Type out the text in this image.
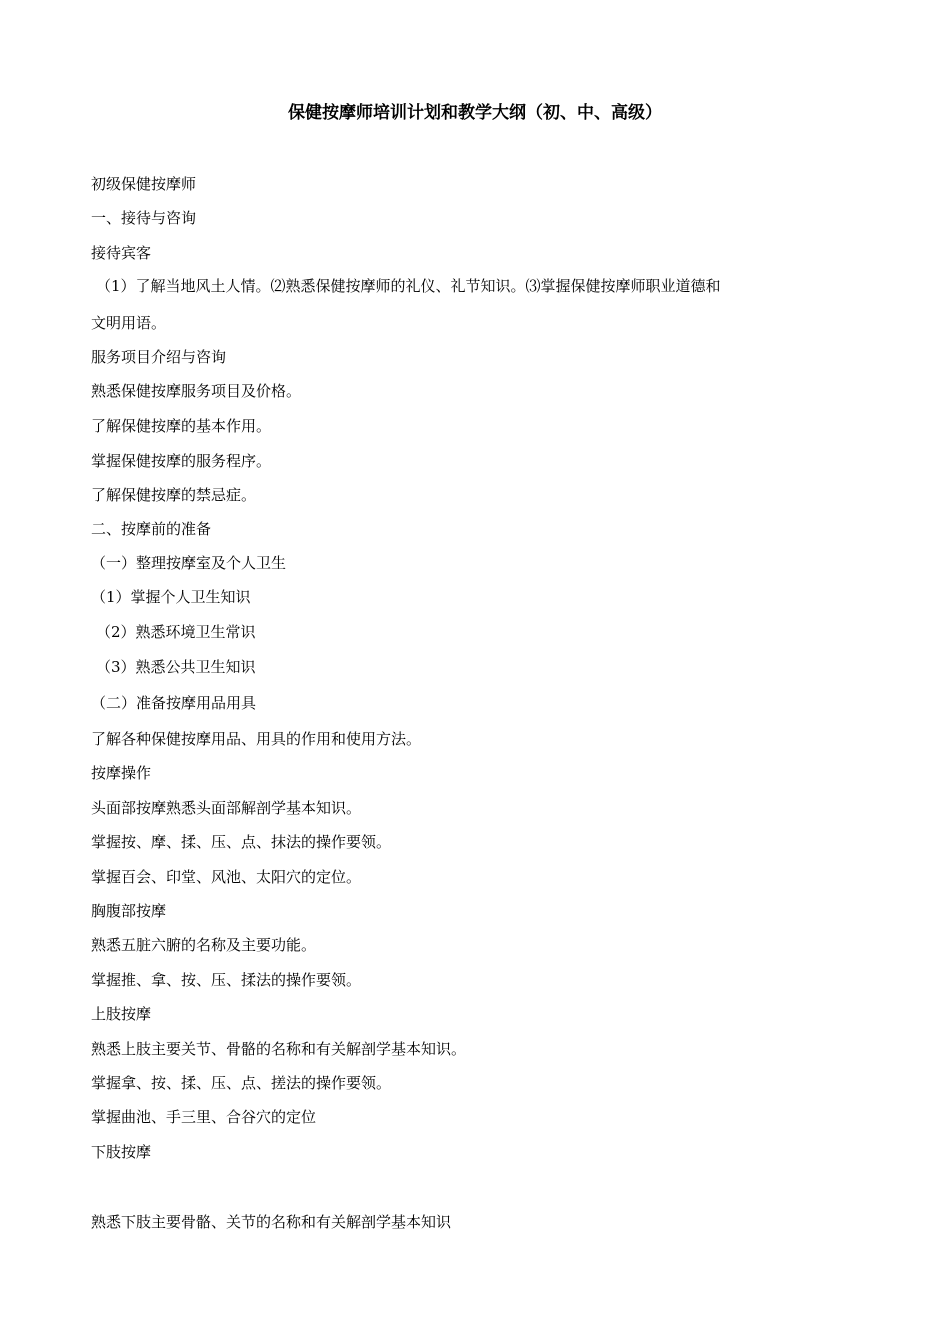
保健按摩师培训计划和教学大纲（初、中、高级）
初级保健按摩师
一、接待与咨询
接待宾客
（1）了解当地风土人情。⑵熟悉保健按摩师的礼仪、礼节知识。⑶掌握保健按摩师职业道德和
文明用语。
服务项目介绍与咨询
熟悉保健按摩服务项目及价格。
了解保健按摩的基本作用。
掌握保健按摩的服务程序。
了解保健按摩的禁忌症。
二、按摩前的准备
（一）整理按摩室及个人卫生
（1）掌握个人卫生知识
（2）熟悉环境卫生常识
（3）熟悉公共卫生知识
（二）准备按摩用品用具
了解各种保健按摩用品、用具的作用和使用方法。
按摩操作
头面部按摩熟悉头面部解剖学基本知识。
掌握按、摩、揉、压、点、抹法的操作要领。
掌握百会、印堂、风池、太阳穴的定位。
胸腹部按摩
熟悉五脏六腑的名称及主要功能。
掌握推、拿、按、压、揉法的操作要领。
上肢按摩
熟悉上肢主要关节、骨骼的名称和有关解剖学基本知识。
掌握拿、按、揉、压、点、搓法的操作要领。
掌握曲池、手三里、合谷穴的定位
下肢按摩
熟悉下肢主要骨骼、关节的名称和有关解剖学基本知识
